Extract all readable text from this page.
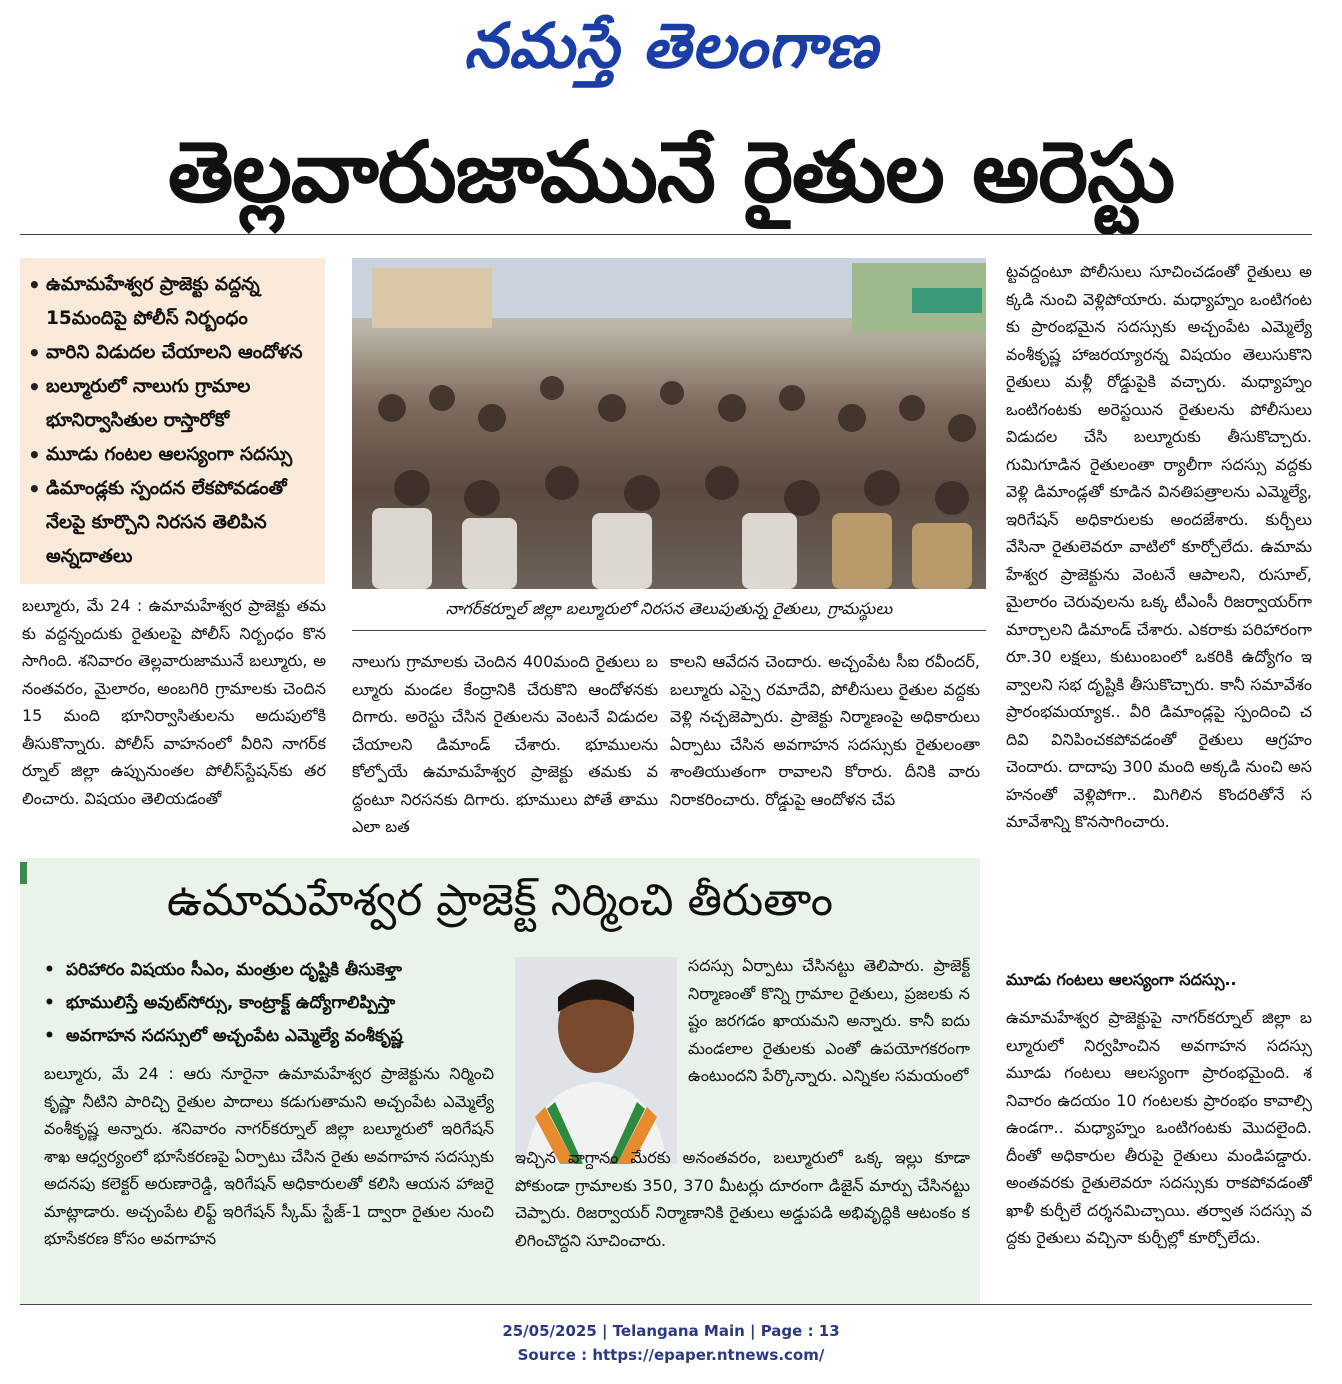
నమస్తే తెలంగాణ
తెల్లవారుజామునే రైతుల అరెస్టు
• ఉమామహేశ్వర ప్రాజెక్టు వద్దన్న 15మందిపై పోలీస్ నిర్బంధం
• వారిని విడుదల చేయాలని ఆందోళన
• బల్మూరులో నాలుగు గ్రామాల భూనిర్వాసితుల రాస్తారోకో
• మూడు గంటల ఆలస్యంగా సదస్సు
• డిమాండ్లకు స్పందన లేకపోవడంతో నేలపై కూర్చొని నిరసన తెలిపిన అన్నదాతలు
నాగర్‌కర్నూల్ జిల్లా బల్మూరులో నిరసన తెలుపుతున్న రైతులు, గ్రామస్థులు
బల్మూరు, మే 24 : ఉమామహేశ్వర ప్రాజెక్టు తమకు వద్దన్నందుకు రైతులపై పోలీస్ నిర్బంధం కొనసాగింది. శనివారం తెల్లవారుజామునే బల్మూరు, అనంతవరం, మైలారం, అంబగిరి గ్రామాలకు చెందిన 15 మంది భూనిర్వాసితులను అదుపులోకి తీసుకొన్నారు. పోలీస్ వాహనంలో వీరిని నాగర్‌కర్నూల్ జిల్లా ఉప్పునుంతల పోలీస్‌స్టేషన్‌కు తరలించారు. విషయం తెలియడంతో
నాలుగు గ్రామాలకు చెందిన 400మంది రైతులు బల్మూరు మండల కేంద్రానికి చేరుకొని ఆందోళనకు దిగారు. అరెస్టు చేసిన రైతులను వెంటనే విడుదల చేయాలని డిమాండ్ చేశారు. భూములను కోల్పోయే ఉమామహేశ్వర ప్రాజెక్టు తమకు వద్దంటూ నిరసనకు దిగారు. భూములు పోతే తాము ఎలా బత
కాలని ఆవేదన చెందారు. అచ్చంపేట సీఐ రవీందర్, బల్మూరు ఎస్సై రమాదేవి, పోలీసులు రైతుల వద్దకు వెళ్లి నచ్చజెప్పారు. ప్రాజెక్టు నిర్మాణంపై అధికారులు ఏర్పాటు చేసిన అవగాహన సదస్సుకు రైతులంతా శాంతియుతంగా రావాలని కోరారు. దీనికి వారు నిరాకరించారు. రోడ్డుపై ఆందోళన చేప
ట్టవద్దంటూ పోలీసులు సూచించడంతో రైతులు అక్కడి నుంచి వెళ్లిపోయారు. మధ్యాహ్నం ఒంటిగంటకు ప్రారంభమైన సదస్సుకు అచ్చంపేట ఎమ్మెల్యే వంశీకృష్ణ హాజరయ్యారన్న విషయం తెలుసుకొని రైతులు మళ్లీ రోడ్డుపైకి వచ్చారు. మధ్యాహ్నం ఒంటిగంటకు అరెస్టయిన రైతులను పోలీసులు విడుదల చేసి బల్మూరుకు తీసుకొచ్చారు. గుమిగూడిన రైతులంతా ర్యాలీగా సదస్సు వద్దకు వెళ్లి డిమాండ్లతో కూడిన వినతిపత్రాలను ఎమ్మెల్యే, ఇరిగేషన్ అధికారులకు అందజేశారు. కుర్చీలు వేసినా రైతులెవరూ వాటిలో కూర్చోలేదు. ఉమామహేశ్వర ప్రాజెక్టును వెంటనే ఆపాలని, రుసూల్, మైలారం చెరువులను ఒక్క టీఎంసీ రిజర్వాయర్‌గా మార్చాలని డిమాండ్ చేశారు. ఎకరాకు పరిహారంగా రూ.30 లక్షలు, కుటుంబంలో ఒకరికి ఉద్యోగం ఇవ్వాలని సభ దృష్టికి తీసుకొచ్చారు. కానీ సమావేశం ప్రారంభమయ్యాక.. వీరి డిమాండ్లపై స్పందించి చదివి వినిపించకపోవడంతో రైతులు ఆగ్రహం చెందారు. దాదాపు 300 మంది అక్కడి నుంచి అసహనంతో వెళ్లిపోగా.. మిగిలిన కొందరితోనే సమావేశాన్ని కొనసాగించారు.
మూడు గంటలు ఆలస్యంగా సదస్సు..
ఉమామహేశ్వర ప్రాజెక్టుపై నాగర్‌కర్నూల్ జిల్లా బల్మూరులో నిర్వహించిన అవగాహన సదస్సు మూడు గంటలు ఆలస్యంగా ప్రారంభమైంది. శనివారం ఉదయం 10 గంటలకు ప్రారంభం కావాల్సి ఉండగా.. మధ్యాహ్నం ఒంటిగంటకు మొదలైంది. దీంతో అధికారుల తీరుపై రైతులు మండిపడ్డారు. అంతవరకు రైతులెవరూ సదస్సుకు రాకపోవడంతో ఖాళీ కుర్చీలే దర్శనమిచ్చాయి. తర్వాత సదస్సు వద్దకు రైతులు వచ్చినా కుర్చీల్లో కూర్చోలేదు.
ఉమామహేశ్వర ప్రాజెక్ట్ నిర్మించి తీరుతాం
• పరిహారం విషయం సీఎం, మంత్రుల దృష్టికి తీసుకెళ్తా
• భూములిస్తే అవుట్‌సోర్సు, కాంట్రాక్ట్ ఉద్యోగాలిప్పిస్తా
• అవగాహన సదస్సులో అచ్చంపేట ఎమ్మెల్యే వంశీకృష్ణ
బల్మూరు, మే 24 : ఆరు నూరైనా ఉమామహేశ్వర ప్రాజెక్టును నిర్మించి కృష్ణా నీటిని పారిచ్చి రైతుల పాదాలు కడుగుతామని అచ్చంపేట ఎమ్మెల్యే వంశీకృష్ణ అన్నారు. శనివారం నాగర్‌కర్నూల్ జిల్లా బల్మూరులో ఇరిగేషన్ శాఖ ఆధ్వర్యంలో భూసేకరణపై ఏర్పాటు చేసిన రైతు అవగాహన సదస్సుకు అదనపు కలెక్టర్ అరుణారెడ్డి, ఇరిగేషన్ అధికారులతో కలిసి ఆయన హాజరై మాట్లాడారు. అచ్చంపేట లిఫ్ట్ ఇరిగేషన్ స్కీమ్ స్టేజ్-1 ద్వారా రైతుల నుంచి భూసేకరణ కోసం అవగాహన
సదస్సు ఏర్పాటు చేసినట్టు తెలిపారు. ప్రాజెక్ట్ నిర్మాణంతో కొన్ని గ్రామాల రైతులు, ప్రజలకు నష్టం జరగడం ఖాయమని అన్నారు. కానీ ఐదు మండలాల రైతులకు ఎంతో ఉపయోగకరంగా ఉంటుందని పేర్కొన్నారు. ఎన్నికల సమయంలో
ఇచ్చిన వాగ్దానం మేరకు అనంతవరం, బల్మూరులో ఒక్క ఇల్లు కూడా పోకుండా గ్రామాలకు 350, 370 మీటర్లు దూరంగా డిజైన్ మార్పు చేసినట్టు చెప్పారు. రిజర్వాయర్ నిర్మాణానికి రైతులు అడ్డుపడి అభివృద్ధికి ఆటంకం కలిగించొద్దని సూచించారు.
25/05/2025 | Telangana Main | Page : 13
Source : https://epaper.ntnews.com/
